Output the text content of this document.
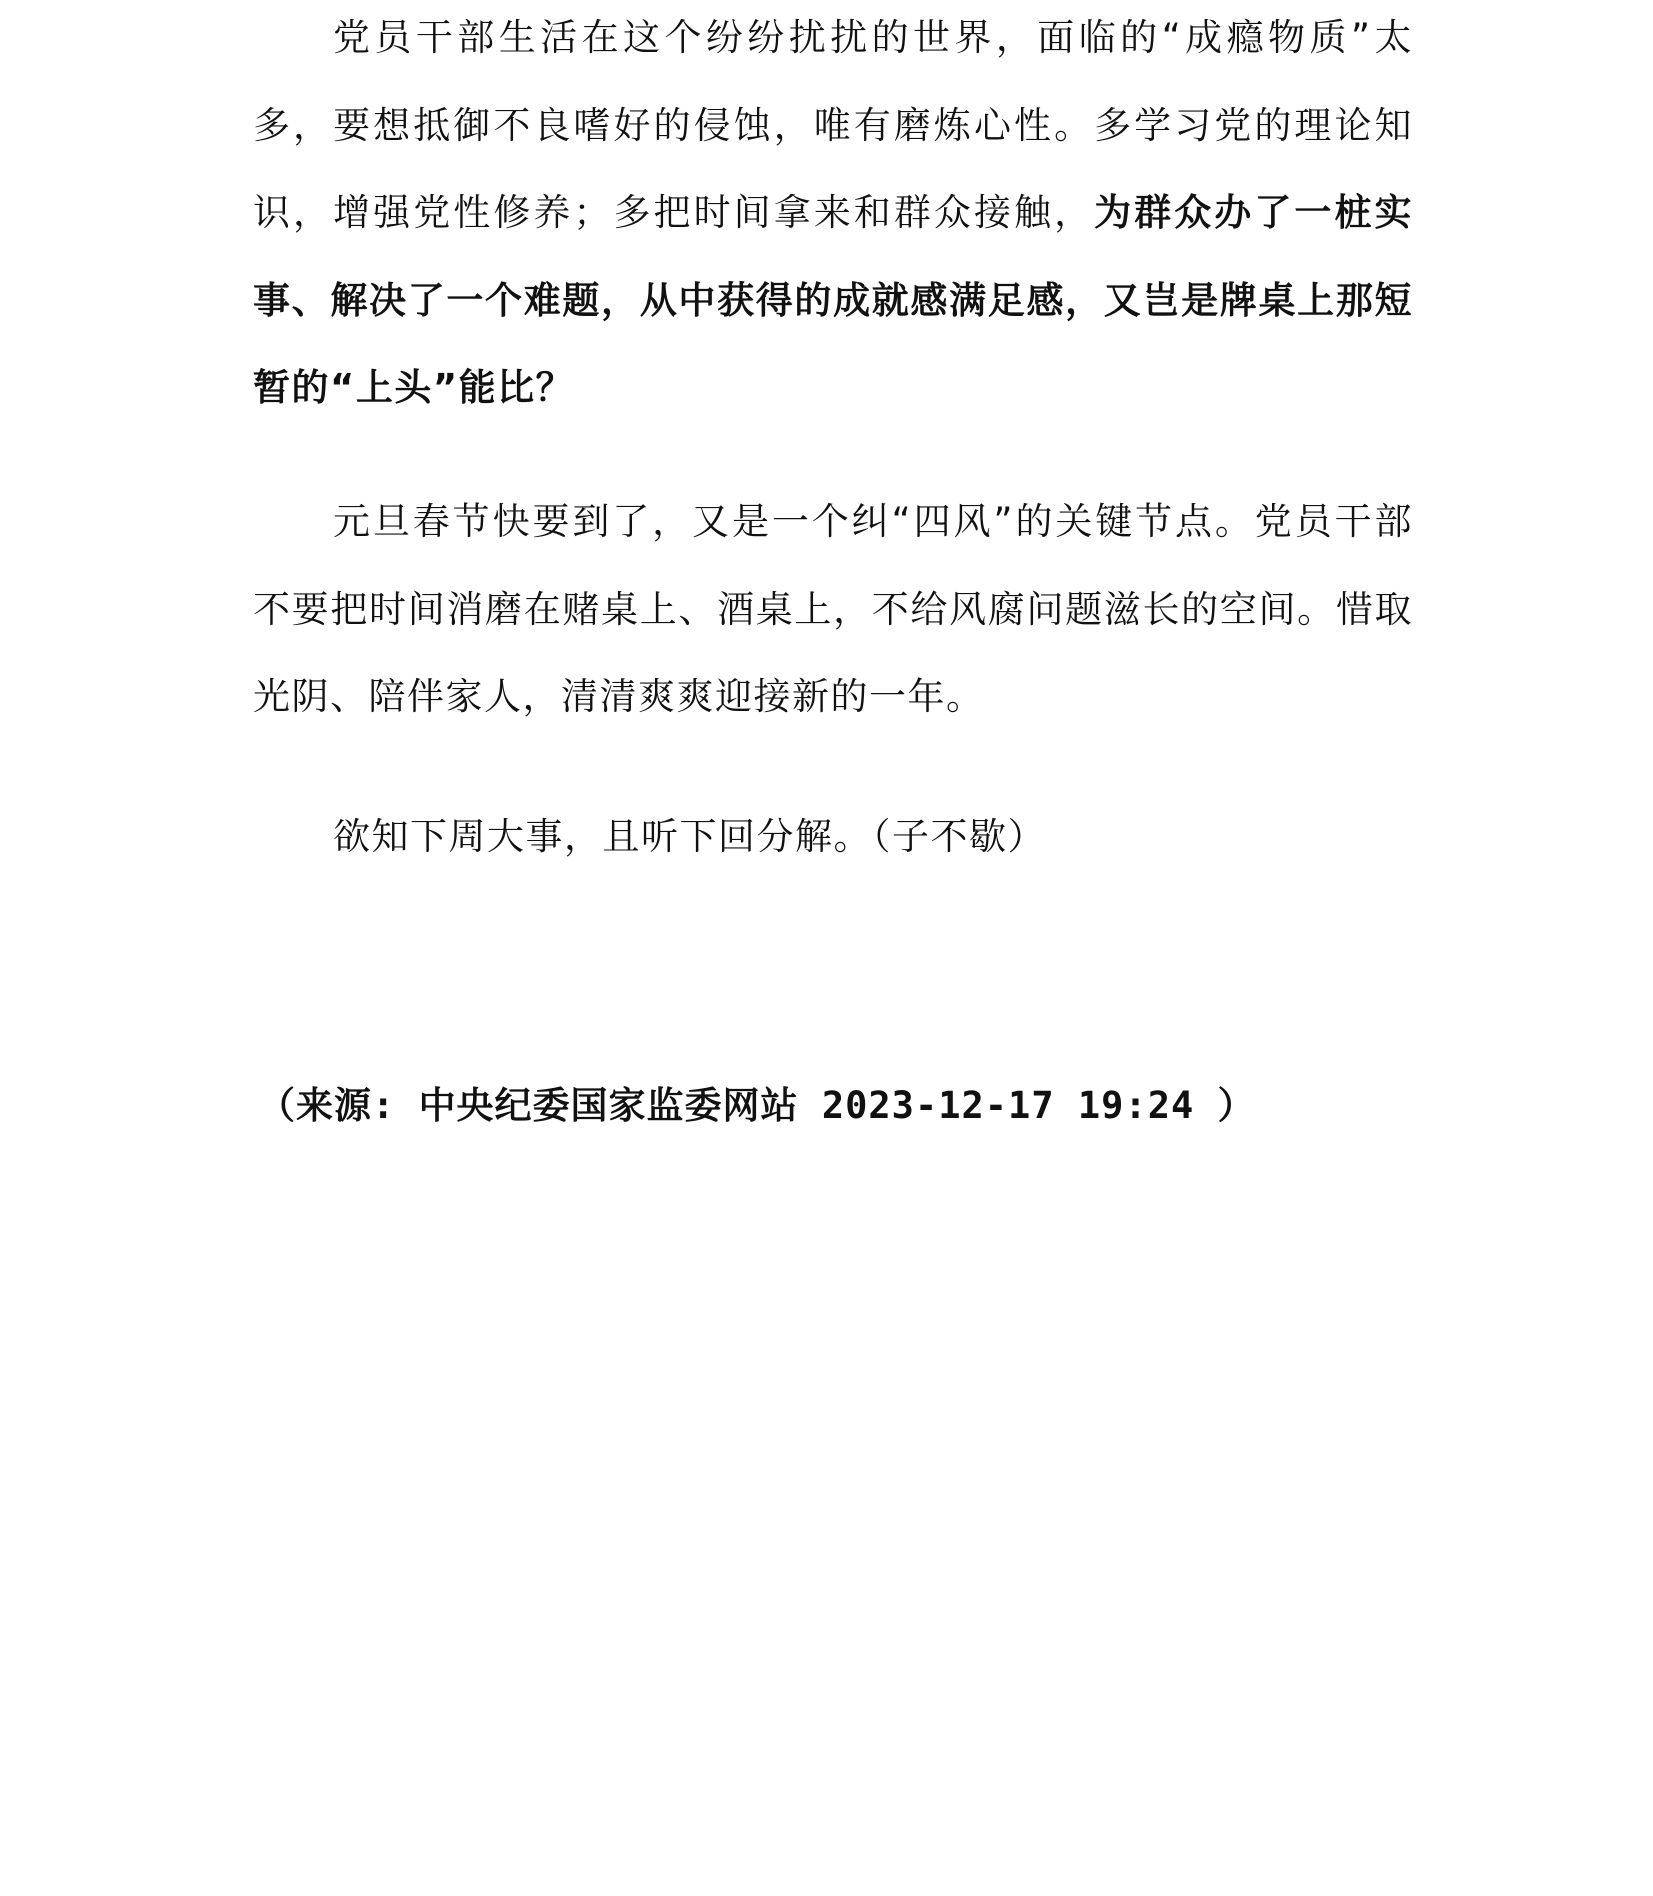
党员干部生活在这个纷纷扰扰的世界，面临的“成瘾物质”太多，要想抵御不良嗜好的侵蚀，唯有磨炼心性。多学习党的理论知识，增强党性修养；多把时间拿来和群众接触，为群众办了一桩实事、解决了一个难题，从中获得的成就感满足感，又岂是牌桌上那短暂的“上头”能比？

元旦春节快要到了，又是一个纠“四风”的关键节点。党员干部不要把时间消磨在赌桌上、酒桌上，不给风腐问题滋长的空间。惜取光阴、陪伴家人，清清爽爽迎接新的一年。

欲知下周大事，且听下回分解。（子不歇）

（来源: 中央纪委国家监委网站 2023-12-17 19:24 ）
